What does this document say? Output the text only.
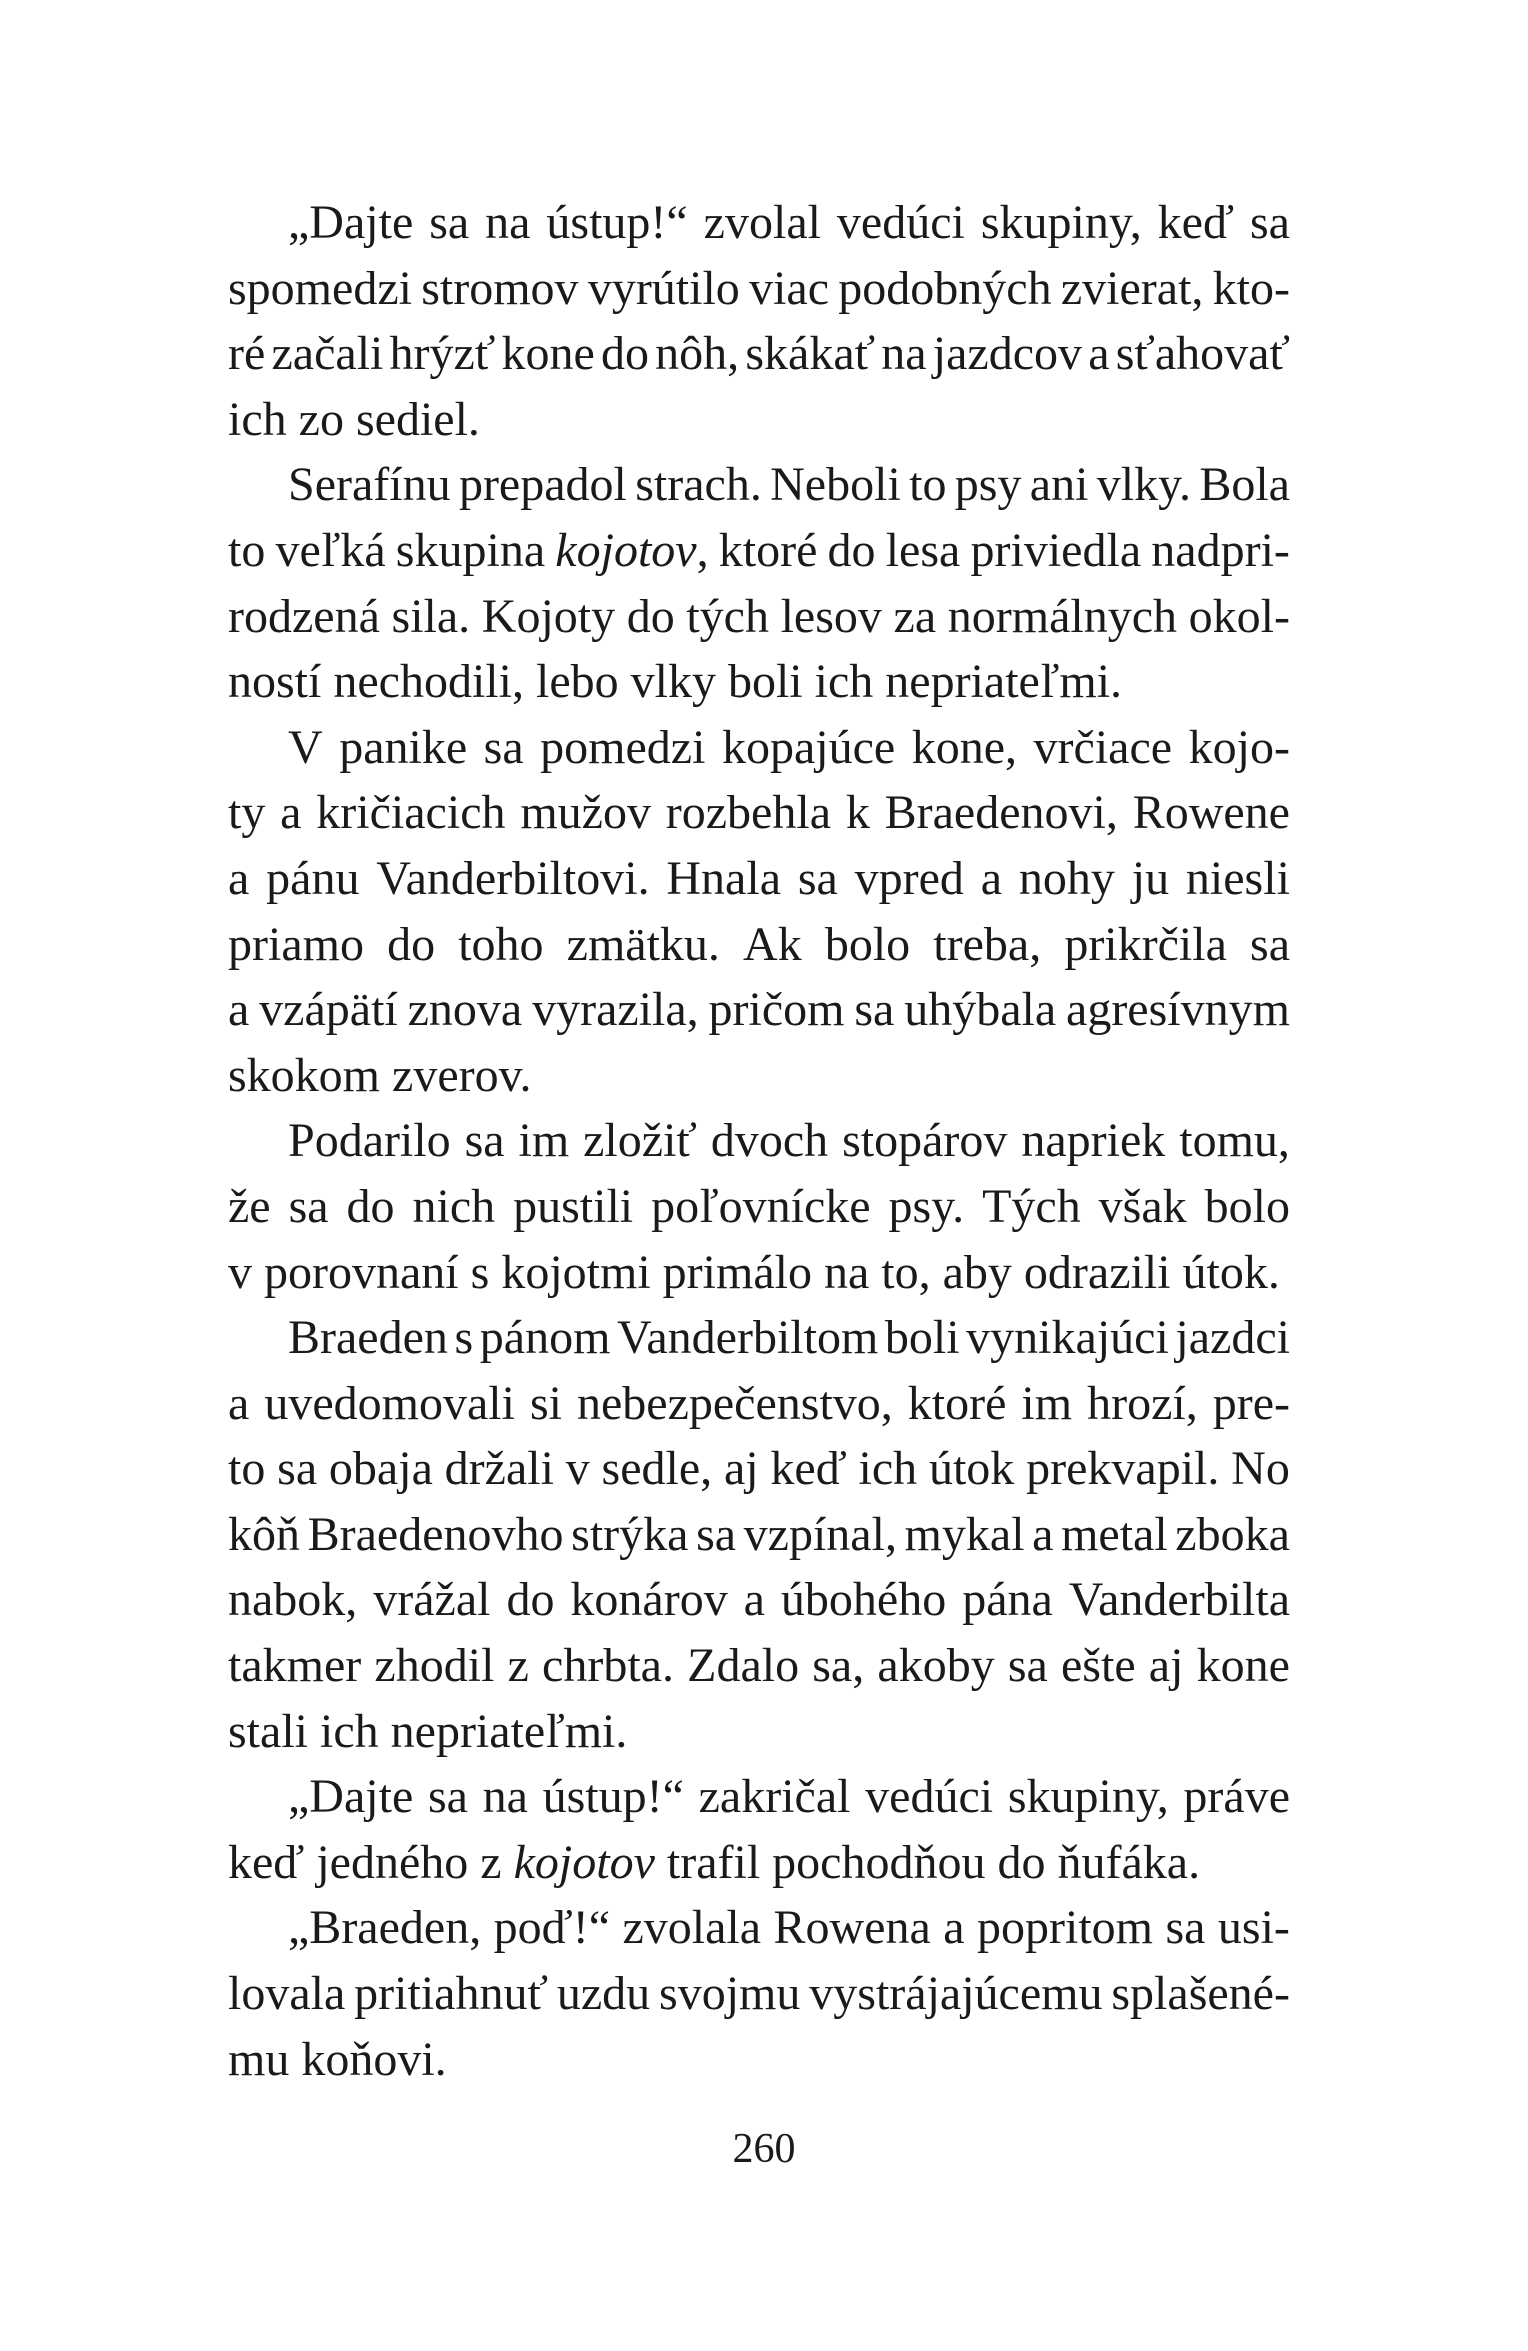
„Dajte sa na ústup!“ zvolal vedúci skupiny, keď sa
spomedzi stromov vyrútilo viac podobných zvierat, kto-
ré začali hrýzť kone do nôh, skákať na jazdcov a sťahovať
ich zo sediel.
Serafínu prepadol strach. Neboli to psy ani vlky. Bola
to veľká skupina kojotov, ktoré do lesa priviedla nadpri-
rodzená sila. Kojoty do tých lesov za normálnych okol-
ností nechodili, lebo vlky boli ich nepriateľmi.
V panike sa pomedzi kopajúce kone, vrčiace kojo-
ty a kričiacich mužov rozbehla k Braedenovi, Rowene
a pánu Vanderbiltovi. Hnala sa vpred a nohy ju niesli
priamo do toho zmätku. Ak bolo treba, prikrčila sa
a vzápätí znova vyrazila, pričom sa uhýbala agresívnym
skokom zverov.
Podarilo sa im zložiť dvoch stopárov napriek tomu,
že sa do nich pustili poľovnícke psy. Tých však bolo
v porovnaní s kojotmi primálo na to, aby odrazili útok.
Braeden s pánom Vanderbiltom boli vynikajúci jazdci
a uvedomovali si nebezpečenstvo, ktoré im hrozí, pre-
to sa obaja držali v sedle, aj keď ich útok prekvapil. No
kôň Braedenovho strýka sa vzpínal, mykal a metal zboka
nabok, vrážal do konárov a úbohého pána Vanderbilta
takmer zhodil z chrbta. Zdalo sa, akoby sa ešte aj kone
stali ich nepriateľmi.
„Dajte sa na ústup!“ zakričal vedúci skupiny, práve
keď jedného z kojotov trafil pochodňou do ňufáka.
„Braeden, poď!“ zvolala Rowena a popritom sa usi-
lovala pritiahnuť uzdu svojmu vystrájajúcemu splašené-
mu koňovi.
260
